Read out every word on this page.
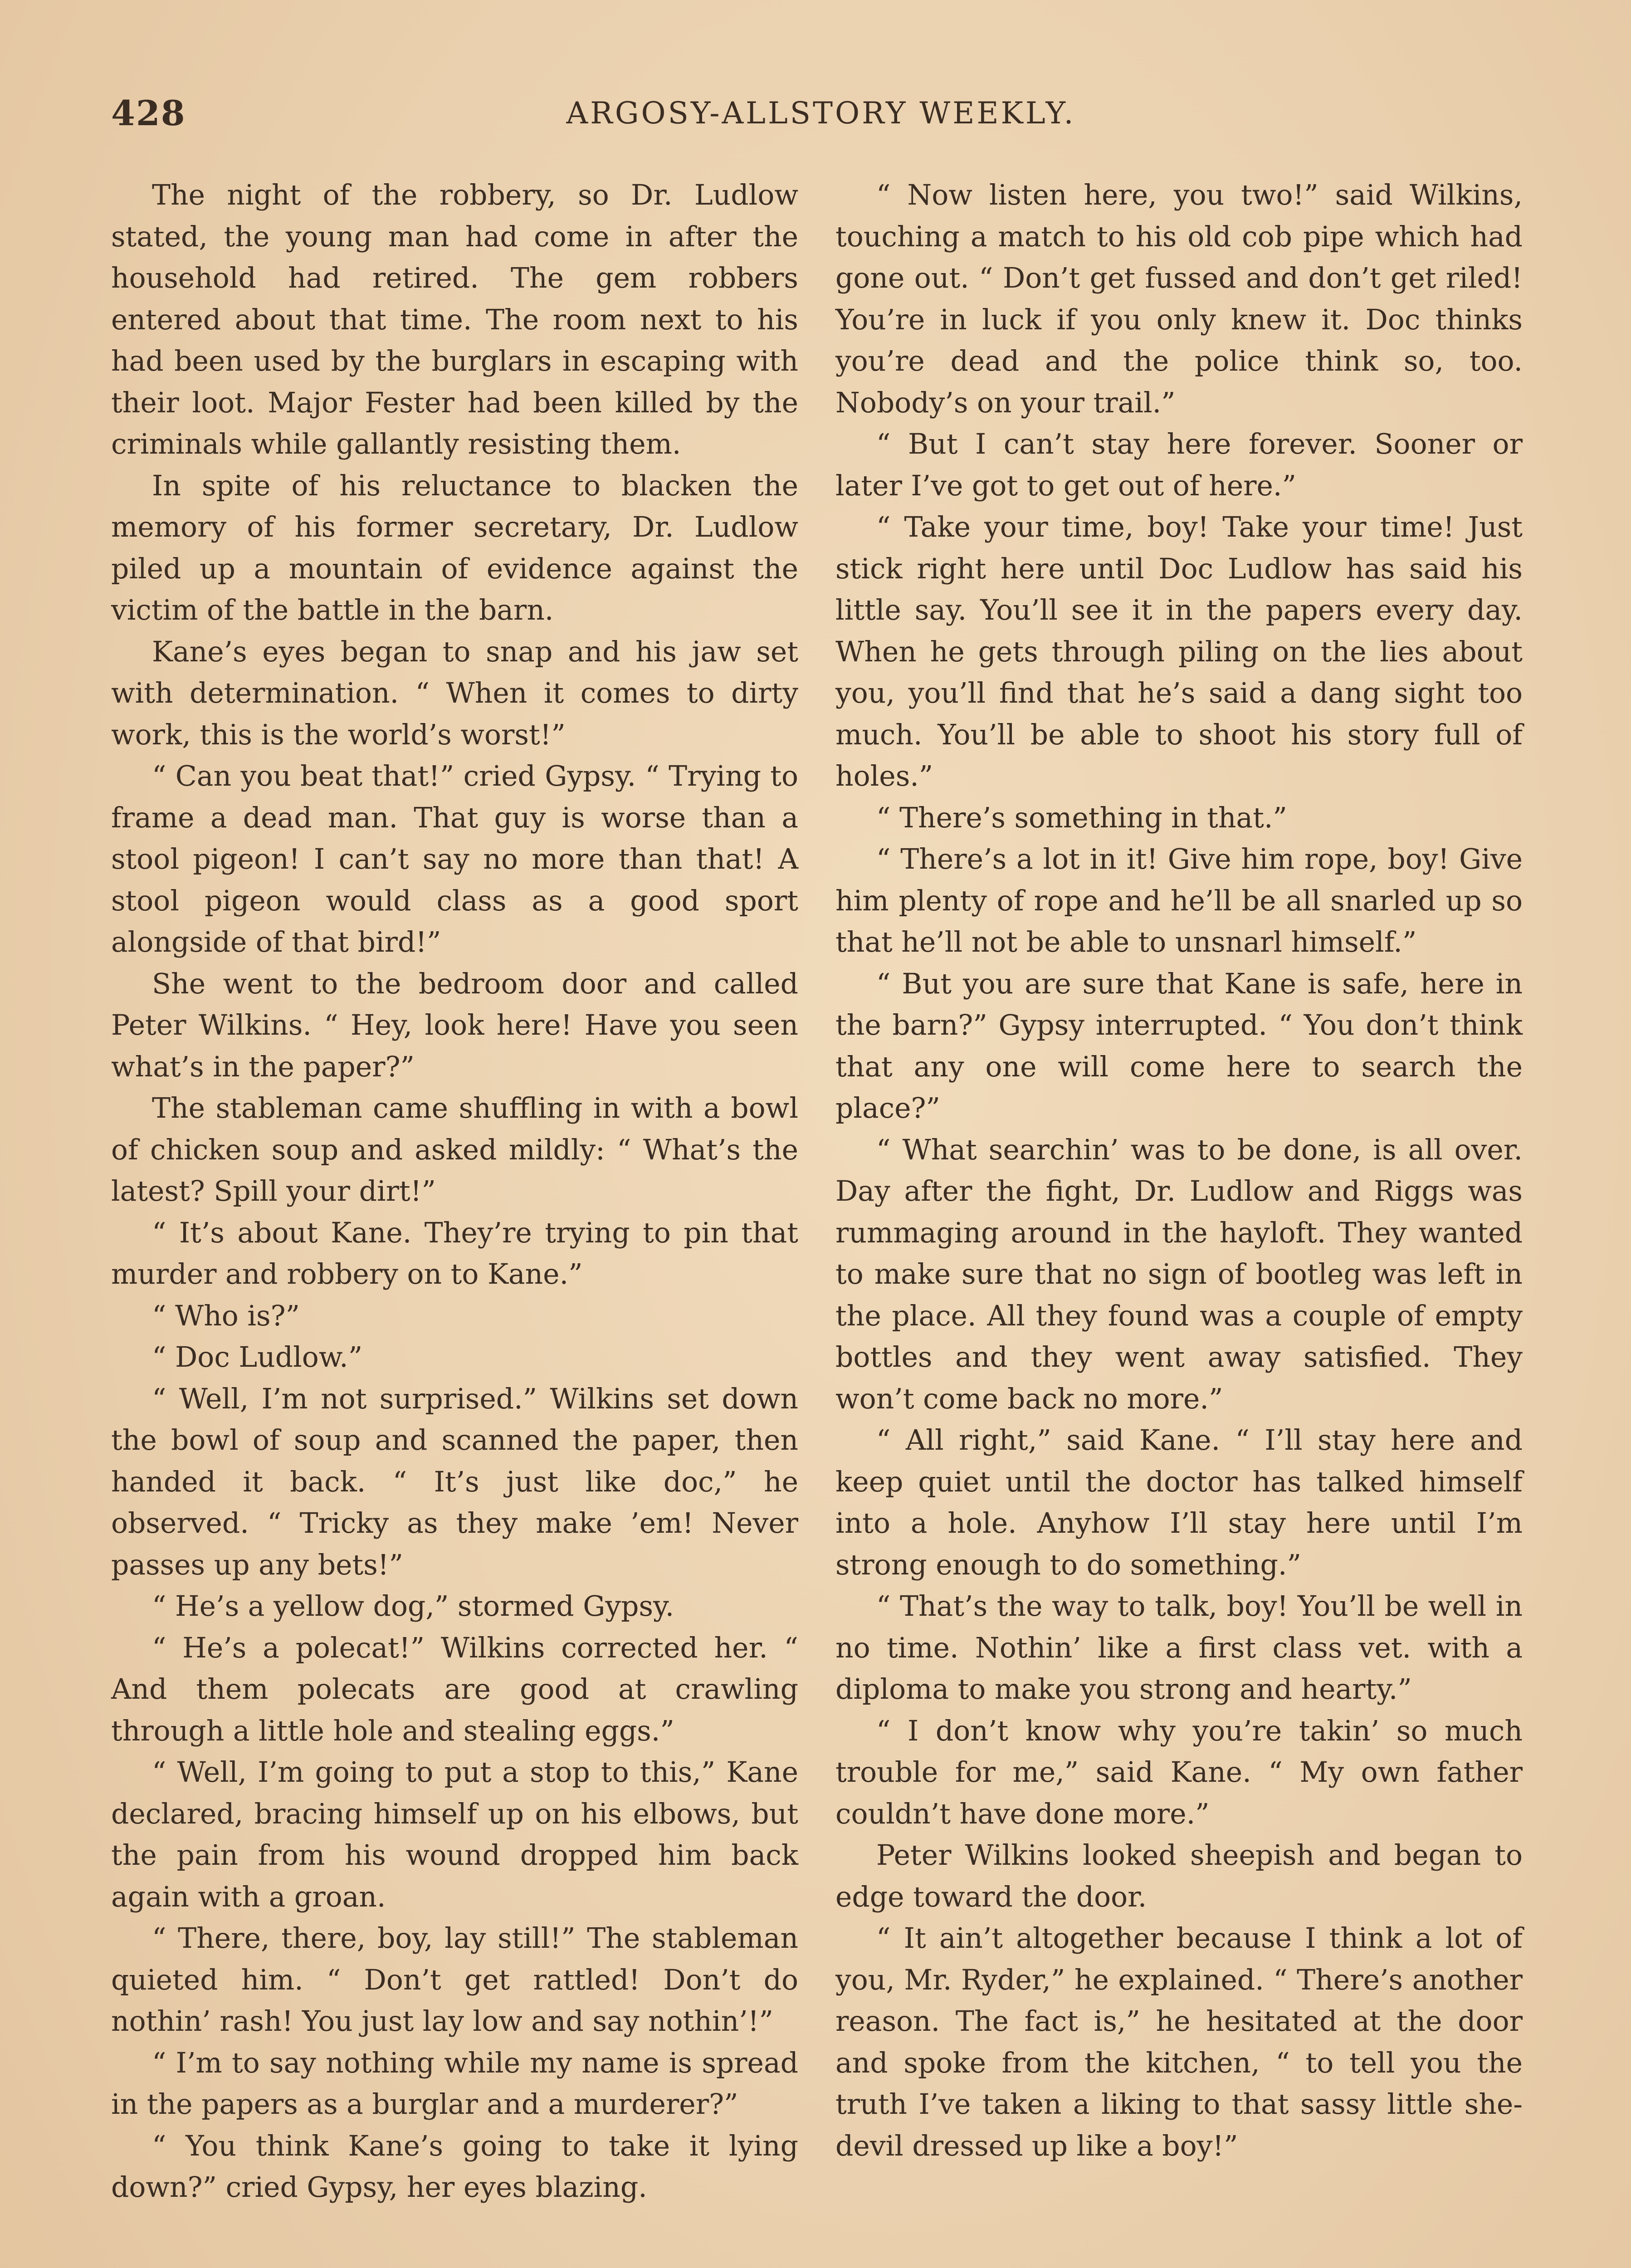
428	ARGOSY-ALLSTORY WEEKLY.

The night of the robbery, so Dr. Ludlow stated, the young man had come in after the household had retired. The gem robbers entered about that time. The room next to his had been used by the burglars in escaping with their loot. Major Fester had been killed by the criminals while gallantly resisting them.

In spite of his reluctance to blacken the memory of his former secretary, Dr. Ludlow piled up a mountain of evidence against the victim of the battle in the barn.

Kane’s eyes began to snap and his jaw set with determination. “ When it comes to dirty work, this is the world’s worst!”

“ Can you beat that!” cried Gypsy. “ Trying to frame a dead man. That guy is worse than a stool pigeon! I can’t say no more than that! A stool pigeon would class as a good sport alongside of that bird!”

She went to the bedroom door and called Peter Wilkins. “ Hey, look here! Have you seen what’s in the paper?”

The stableman came shuffling in with a bowl of chicken soup and asked mildly: “ What’s the latest? Spill your dirt!”

“ It’s about Kane. They’re trying to pin that murder and robbery on to Kane.”

“ Who is?”

“ Doc Ludlow.”

“ Well, I’m not surprised.” Wilkins set down the bowl of soup and scanned the paper, then handed it back. “ It’s just like doc,” he observed. “ Tricky as they make ’em! Never passes up any bets!”

“ He’s a yellow dog,” stormed Gypsy.

“ He’s a polecat!” Wilkins corrected her. “ And them polecats are good at crawling through a little hole and stealing eggs.”

“ Well, I’m going to put a stop to this,” Kane declared, bracing himself up on his elbows, but the pain from his wound dropped him back again with a groan.

“ There, there, boy, lay still!” The stableman quieted him. “ Don’t get rattled! Don’t do nothin’ rash! You just lay low and say nothin’!”

“ I’m to say nothing while my name is spread in the papers as a burglar and a murderer?”

“ You think Kane’s going to take it lying down?” cried Gypsy, her eyes blazing.

“ Now listen here, you two!” said Wilkins, touching a match to his old cob pipe which had gone out. “ Don’t get fussed and don’t get riled! You’re in luck if you only knew it. Doc thinks you’re dead and the police think so, too. Nobody’s on your trail.”

“ But I can’t stay here forever. Sooner or later I’ve got to get out of here.”

“ Take your time, boy! Take your time! Just stick right here until Doc Ludlow has said his little say. You’ll see it in the papers every day. When he gets through piling on the lies about you, you’ll find that he’s said a dang sight too much. You’ll be able to shoot his story full of holes.”

“ There’s something in that.”

“ There’s a lot in it! Give him rope, boy! Give him plenty of rope and he’ll be all snarled up so that he’ll not be able to unsnarl himself.”

“ But you are sure that Kane is safe, here in the barn?” Gypsy interrupted. “ You don’t think that any one will come here to search the place?”

“ What searchin’ was to be done, is all over. Day after the fight, Dr. Ludlow and Riggs was rummaging around in the hayloft. They wanted to make sure that no sign of bootleg was left in the place. All they found was a couple of empty bottles and they went away satisfied. They won’t come back no more.”

“ All right,” said Kane. “ I’ll stay here and keep quiet until the doctor has talked himself into a hole. Anyhow I’ll stay here until I’m strong enough to do something.”

“ That’s the way to talk, boy! You’ll be well in no time. Nothin’ like a first class vet. with a diploma to make you strong and hearty.”

“ I don’t know why you’re takin’ so much trouble for me,” said Kane. “ My own father couldn’t have done more.”

Peter Wilkins looked sheepish and began to edge toward the door.

“ It ain’t altogether because I think a lot of you, Mr. Ryder,” he explained. “ There’s another reason. The fact is,” he hesitated at the door and spoke from the kitchen, “ to tell you the truth I’ve taken a liking to that sassy little she-devil dressed up like a boy!”
